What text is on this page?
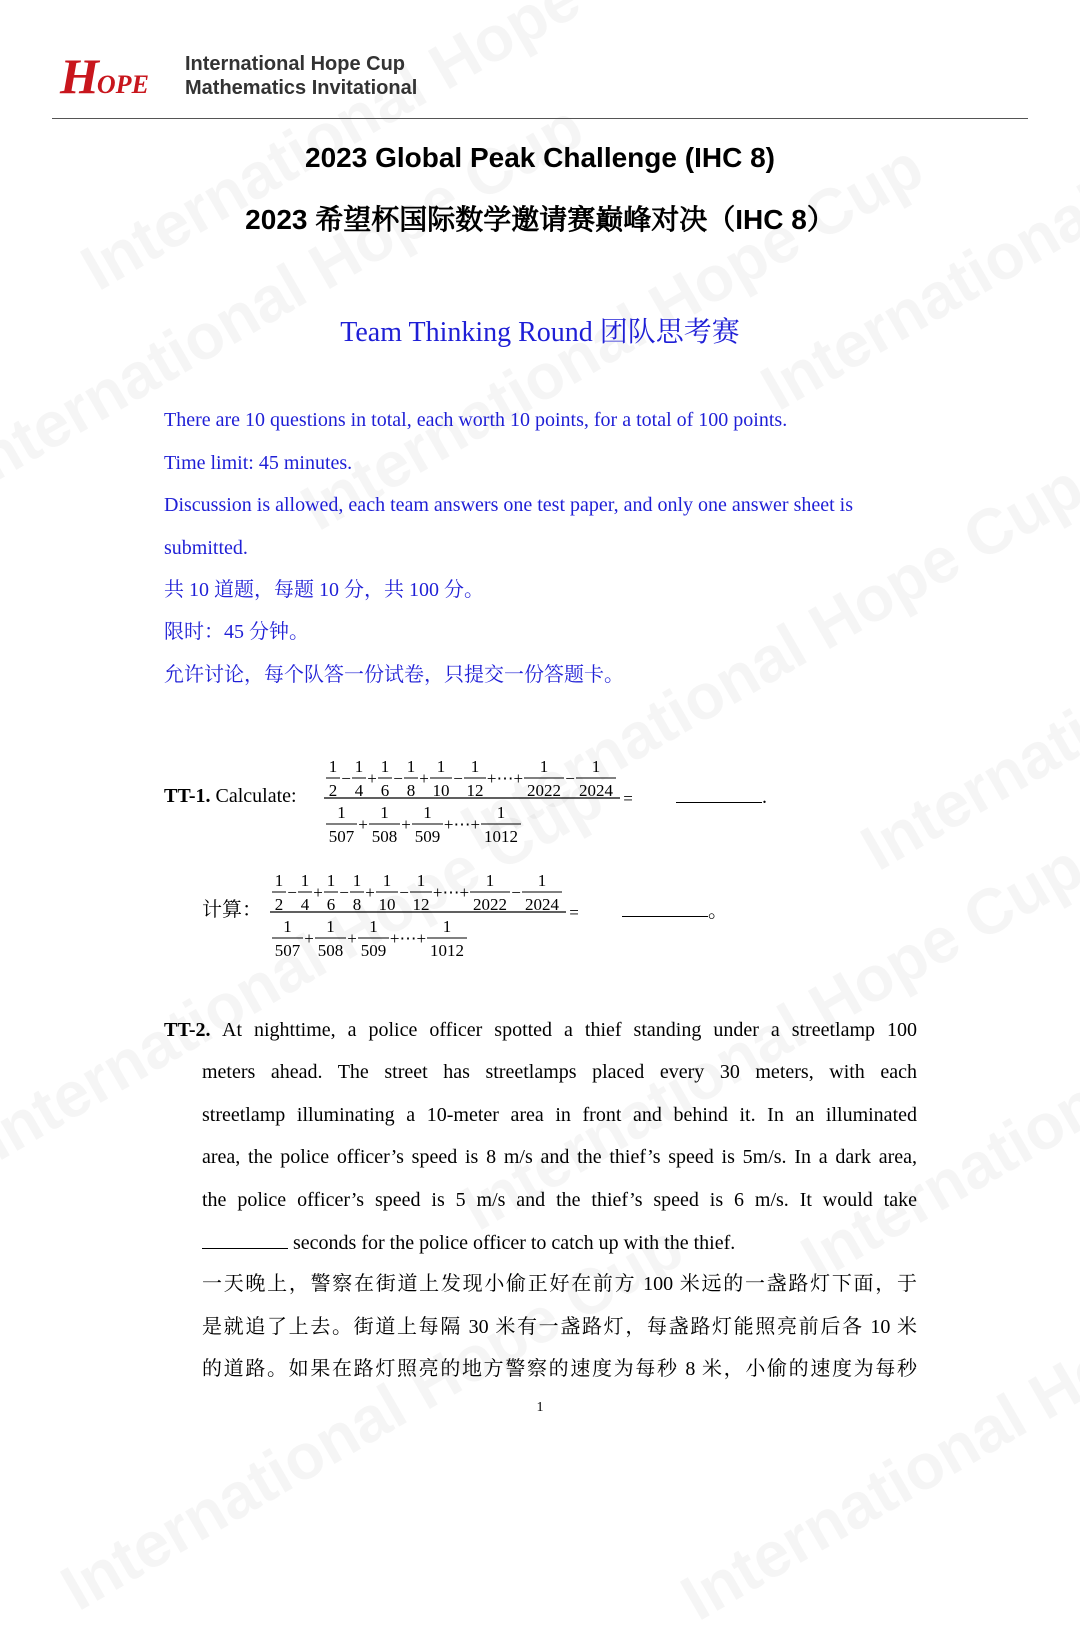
HOPE
International Hope Cup
Mathematics Invitational
2023 Global Peak Challenge (IHC 8)
2023 希望杯国际数学邀请赛巅峰对决（IHC 8）
Team Thinking Round 团队思考赛
There are 10 questions in total, each worth 10 points, for a total of 100 points.
Time limit: 45 minutes.
Discussion is allowed, each team answers one test paper, and only one answer sheet is
submitted.
共 10 道题，每题 10 分，共 100 分。
限时：45 分钟。
允许讨论，每个队答一份试卷，只提交一份答题卡。
TT-1. Calculate:
1
2
−
1
4
+
1
6
−
1
8
+
1
10
−
1
12
+⋯+
1
2022
−
1
2024
1
507
+
1
508
+
1
509
+⋯+
1
1012
=	.
计算：
1
2
−
1
4
+
1
6
−
1
8
+
1
10
−
1
12
+⋯+
1
2022
−
1
2024
1
507
+
1
508
+
1
509
+⋯+
1
1012
=	。
TT-2. At nighttime, a police officer spotted a thief standing under a streetlamp 100
meters ahead. The street has streetlamps placed every 30 meters, with each
streetlamp illuminating a 10-meter area in front and behind it. In an illuminated
area, the police officer’s speed is 8 m/s and the thief’s speed is 5m/s. In a dark area,
the police officer’s speed is 5 m/s and the thief’s speed is 6 m/s. It would take
seconds for the police officer to catch up with the thief.
一天晚上，警察在街道上发现小偷正好在前方 100 米远的一盏路灯下面，于
是就追了上去。街道上每隔 30 米有一盏路灯，每盏路灯能照亮前后各 10 米
的道路。如果在路灯照亮的地方警察的速度为每秒 8 米，小偷的速度为每秒
1
